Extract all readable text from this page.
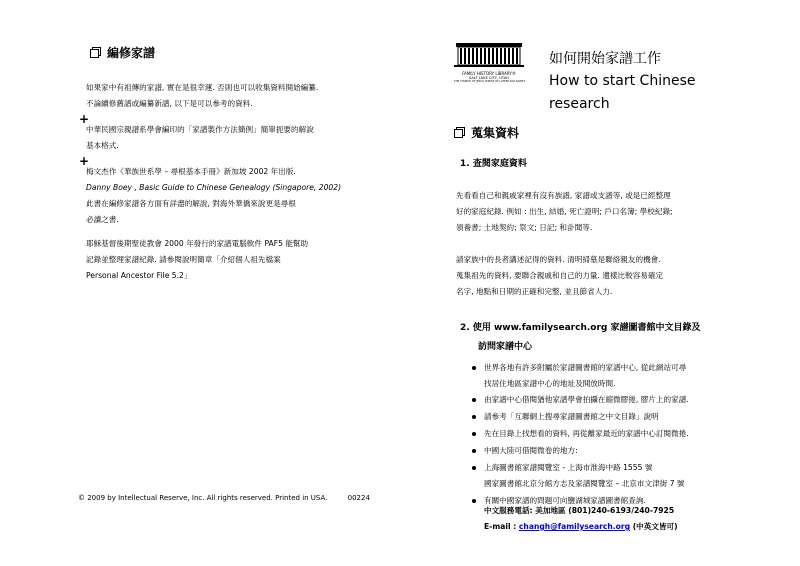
編修家譜
如果家中有祖傳的家譜, 實在是很幸運. 否則也可以收集資料開始編纂.
不論續修舊譜或編纂新譜, 以下是可以參考的資料.
+
中華民國宗親譜系學會編印的「家譜製作方法簡例」簡單扼要的解說
基本格式.
+
梅文杰作《華族世系學 – 尋根基本手冊》新加坡 2002 年出版.
Danny Boey , Basic Guide to Chinese Genealogy (Singapore, 2002)
此書在編修家譜各方面有詳盡的解說, 對海外華僑來說更是尋根
必讀之書.
耶穌基督後期聖徒教會 2000 年發行的家譜電腦軟件 PAF5 能幫助
記錄並整理家譜紀錄. 請參閱說明簡章「介紹個人祖先檔案
Personal Ancestor File 5.2」
© 2009 by Intellectual Reserve, Inc. All rights reserved. Printed in USA.	00224
FAMILY HISTORY LIBRARY®
SALT LAKE CITY, UTAH
THE CHURCH OF JESUS CHRIST OF LATTER-DAY SAINTS
如何開始家譜工作
How to start Chinese
research
蒐集資料
1. 查閱家庭資料
先看看自己和親戚家裡有沒有族譜, 家譜或支譜等, 或是已經整理
好的家庭紀錄. 例如 : 出生, 結婚, 死亡證明; 戶口名簿; 學校紀錄;
領養書; 土地契約; 祭文; 日記; 和訃聞等.
請家族中的長者講述記得的資料. 清明掃墓是聯絡親友的機會.
蒐集祖先的資料, 要聯合親戚和自己的力量. 遺樣比較容易確定
名字, 地點和日期的正確和完整, 並且節省人力.
2. 使用 www.familysearch.org 家譜圖書館中文目錄及
訪問家譜中心
世界各地有許多附屬於家譜圖書館的家譜中心, 從此網站可尋
找居住地區家譜中心的地址及開放時間.
由家譜中心借閱猶他家譜學會拍攝在縮微膠捲, 膠片上的家譜.
請參考「互聯網上搜尋家譜圖書館之中文目錄」說明
先在目錄上找想看的資料, 再從離家最近的家譜中心訂閱微捲.
中國大陸可借閱微卷的地方:
上海圖書館家譜閱覽室 - 上海市淮海中路 1555 號
國家圖書館北京分館方志及家譜閱覽室 – 北京市文津街 7 號
有關中國家譜的問題可向鹽湖城家譜圖書館查詢.
中文服務電話: 美加地區 (801)240-6193/240-7925
E-mail : changh@familysearch.org (中英文皆可)
